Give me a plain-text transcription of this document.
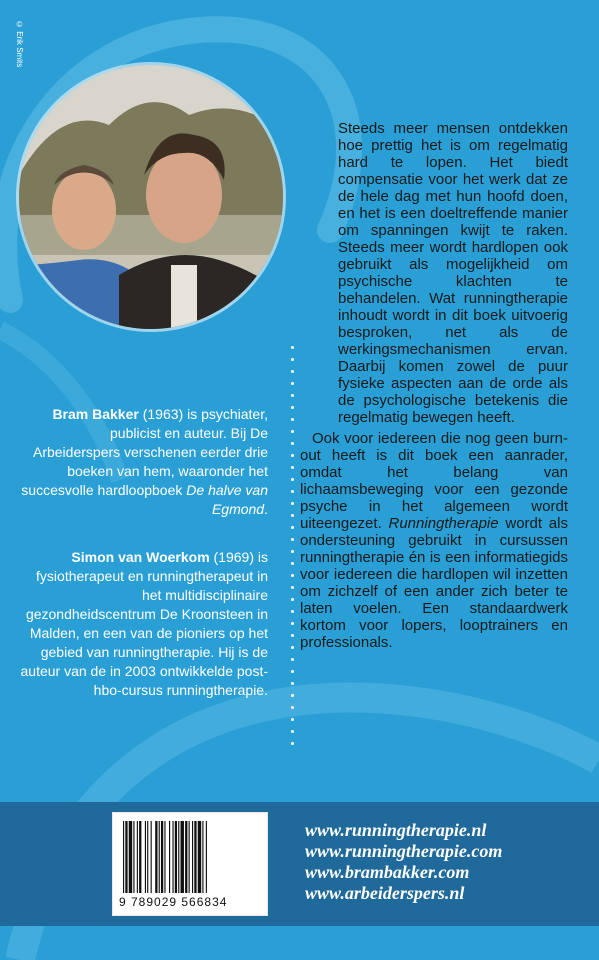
© Erik Smits

Steeds meer mensen ontdekken hoe prettig het is om regelmatig hard te lopen. Het biedt compensatie voor het werk dat ze de hele dag met hun hoofd doen, en het is een doeltreffende manier om spanningen kwijt te raken. Steeds meer wordt hardlopen ook gebruikt als mogelijkheid om psychische klachten te behandelen. Wat runningtherapie inhoudt wordt in dit boek uitvoerig besproken, net als de werkingsmechanismen ervan. Daarbij komen zowel de puur fysieke aspecten aan de orde als de psychologische betekenis die regelmatig bewegen heeft.

Ook voor iedereen die nog geen burn-out heeft is dit boek een aanrader, omdat het belang van lichaamsbeweging voor een gezonde psyche in het algemeen wordt uiteengezet. Runningtherapie wordt als ondersteuning gebruikt in cursussen runningtherapie én is een informatiegids voor iedereen die hardlopen wil inzetten om zichzelf of een ander zich beter te laten voelen. Een standaardwerk kortom voor lopers, looptrainers en professionals.

Bram Bakker (1963) is psychiater, publicist en auteur. Bij De Arbeiderspers verschenen eerder drie boeken van hem, waaronder het succesvolle hardloopboek De halve van Egmond.
Simon van Woerkom (1969) is fysiotherapeut en runningtherapeut in het multidisciplinaire gezondheidscentrum De Kroonsteen in Malden, en een van de pioniers op het gebied van runningtherapie. Hij is de auteur van de in 2003 ontwikkelde post-hbo-cursus runningtherapie.
9 789029 566834
www.runningtherapie.nl
www.runningtherapie.com
www.brambakker.com
www.arbeiderspers.nl
